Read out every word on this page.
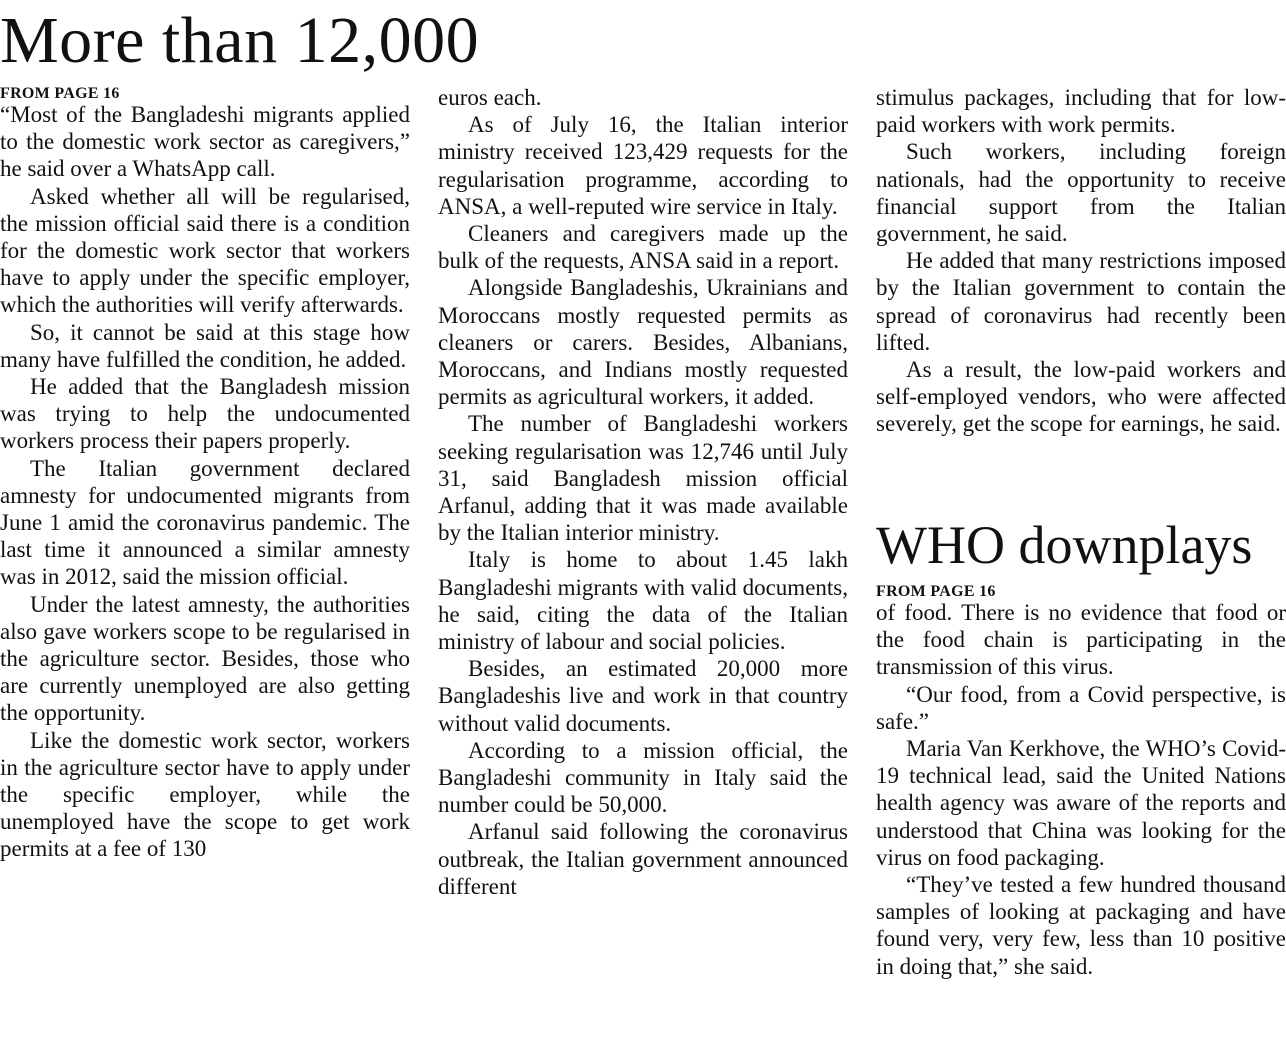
More than 12,000
FROM PAGE 16

“Most of the Bangladeshi migrants applied to the domestic work sector as caregivers,” he said over a WhatsApp call.

Asked whether all will be regularised, the mission official said there is a condition for the domestic work sector that workers have to apply under the specific employer, which the authorities will verify afterwards.

So, it cannot be said at this stage how many have fulfilled the condition, he added.

He added that the Bangladesh mission was trying to help the undocumented workers process their papers properly.

The Italian government declared amnesty for undocumented migrants from June 1 amid the coronavirus pandemic. The last time it announced a similar amnesty was in 2012, said the mission official.

Under the latest amnesty, the authorities also gave workers scope to be regularised in the agriculture sector. Besides, those who are currently unemployed are also getting the opportunity.

Like the domestic work sector, workers in the agriculture sector have to apply under the specific employer, while the unemployed have the scope to get work permits at a fee of 130

euros each.

As of July 16, the Italian interior ministry received 123,429 requests for the regularisation programme, according to ANSA, a well-reputed wire service in Italy.

Cleaners and caregivers made up the bulk of the requests, ANSA said in a report.

Alongside Bangladeshis, Ukrainians and Moroccans mostly requested permits as cleaners or carers. Besides, Albanians, Moroccans, and Indians mostly requested permits as agricultural workers, it added.

The number of Bangladeshi workers seeking regularisation was 12,746 until July 31, said Bangladesh mission official Arfanul, adding that it was made available by the Italian interior ministry.

Italy is home to about 1.45 lakh Bangladeshi migrants with valid documents, he said, citing the data of the Italian ministry of labour and social policies.

Besides, an estimated 20,000 more Bangladeshis live and work in that country without valid documents.

According to a mission official, the Bangladeshi community in Italy said the number could be 50,000.

Arfanul said following the coronavirus outbreak, the Italian government announced different

stimulus packages, including that for low-paid workers with work permits.

Such workers, including foreign nationals, had the opportunity to receive financial support from the Italian government, he said.

He added that many restrictions imposed by the Italian government to contain the spread of coronavirus had recently been lifted.

As a result, the low-paid workers and self-employed vendors, who were affected severely, get the scope for earnings, he said.

WHO downplays
FROM PAGE 16

of food. There is no evidence that food or the food chain is participating in the transmission of this virus.

“Our food, from a Covid perspective, is safe.”

Maria Van Kerkhove, the WHO’s Covid-19 technical lead, said the United Nations health agency was aware of the reports and understood that China was looking for the virus on food packaging.

“They’ve tested a few hundred thousand samples of looking at packaging and have found very, very few, less than 10 positive in doing that,” she said.
